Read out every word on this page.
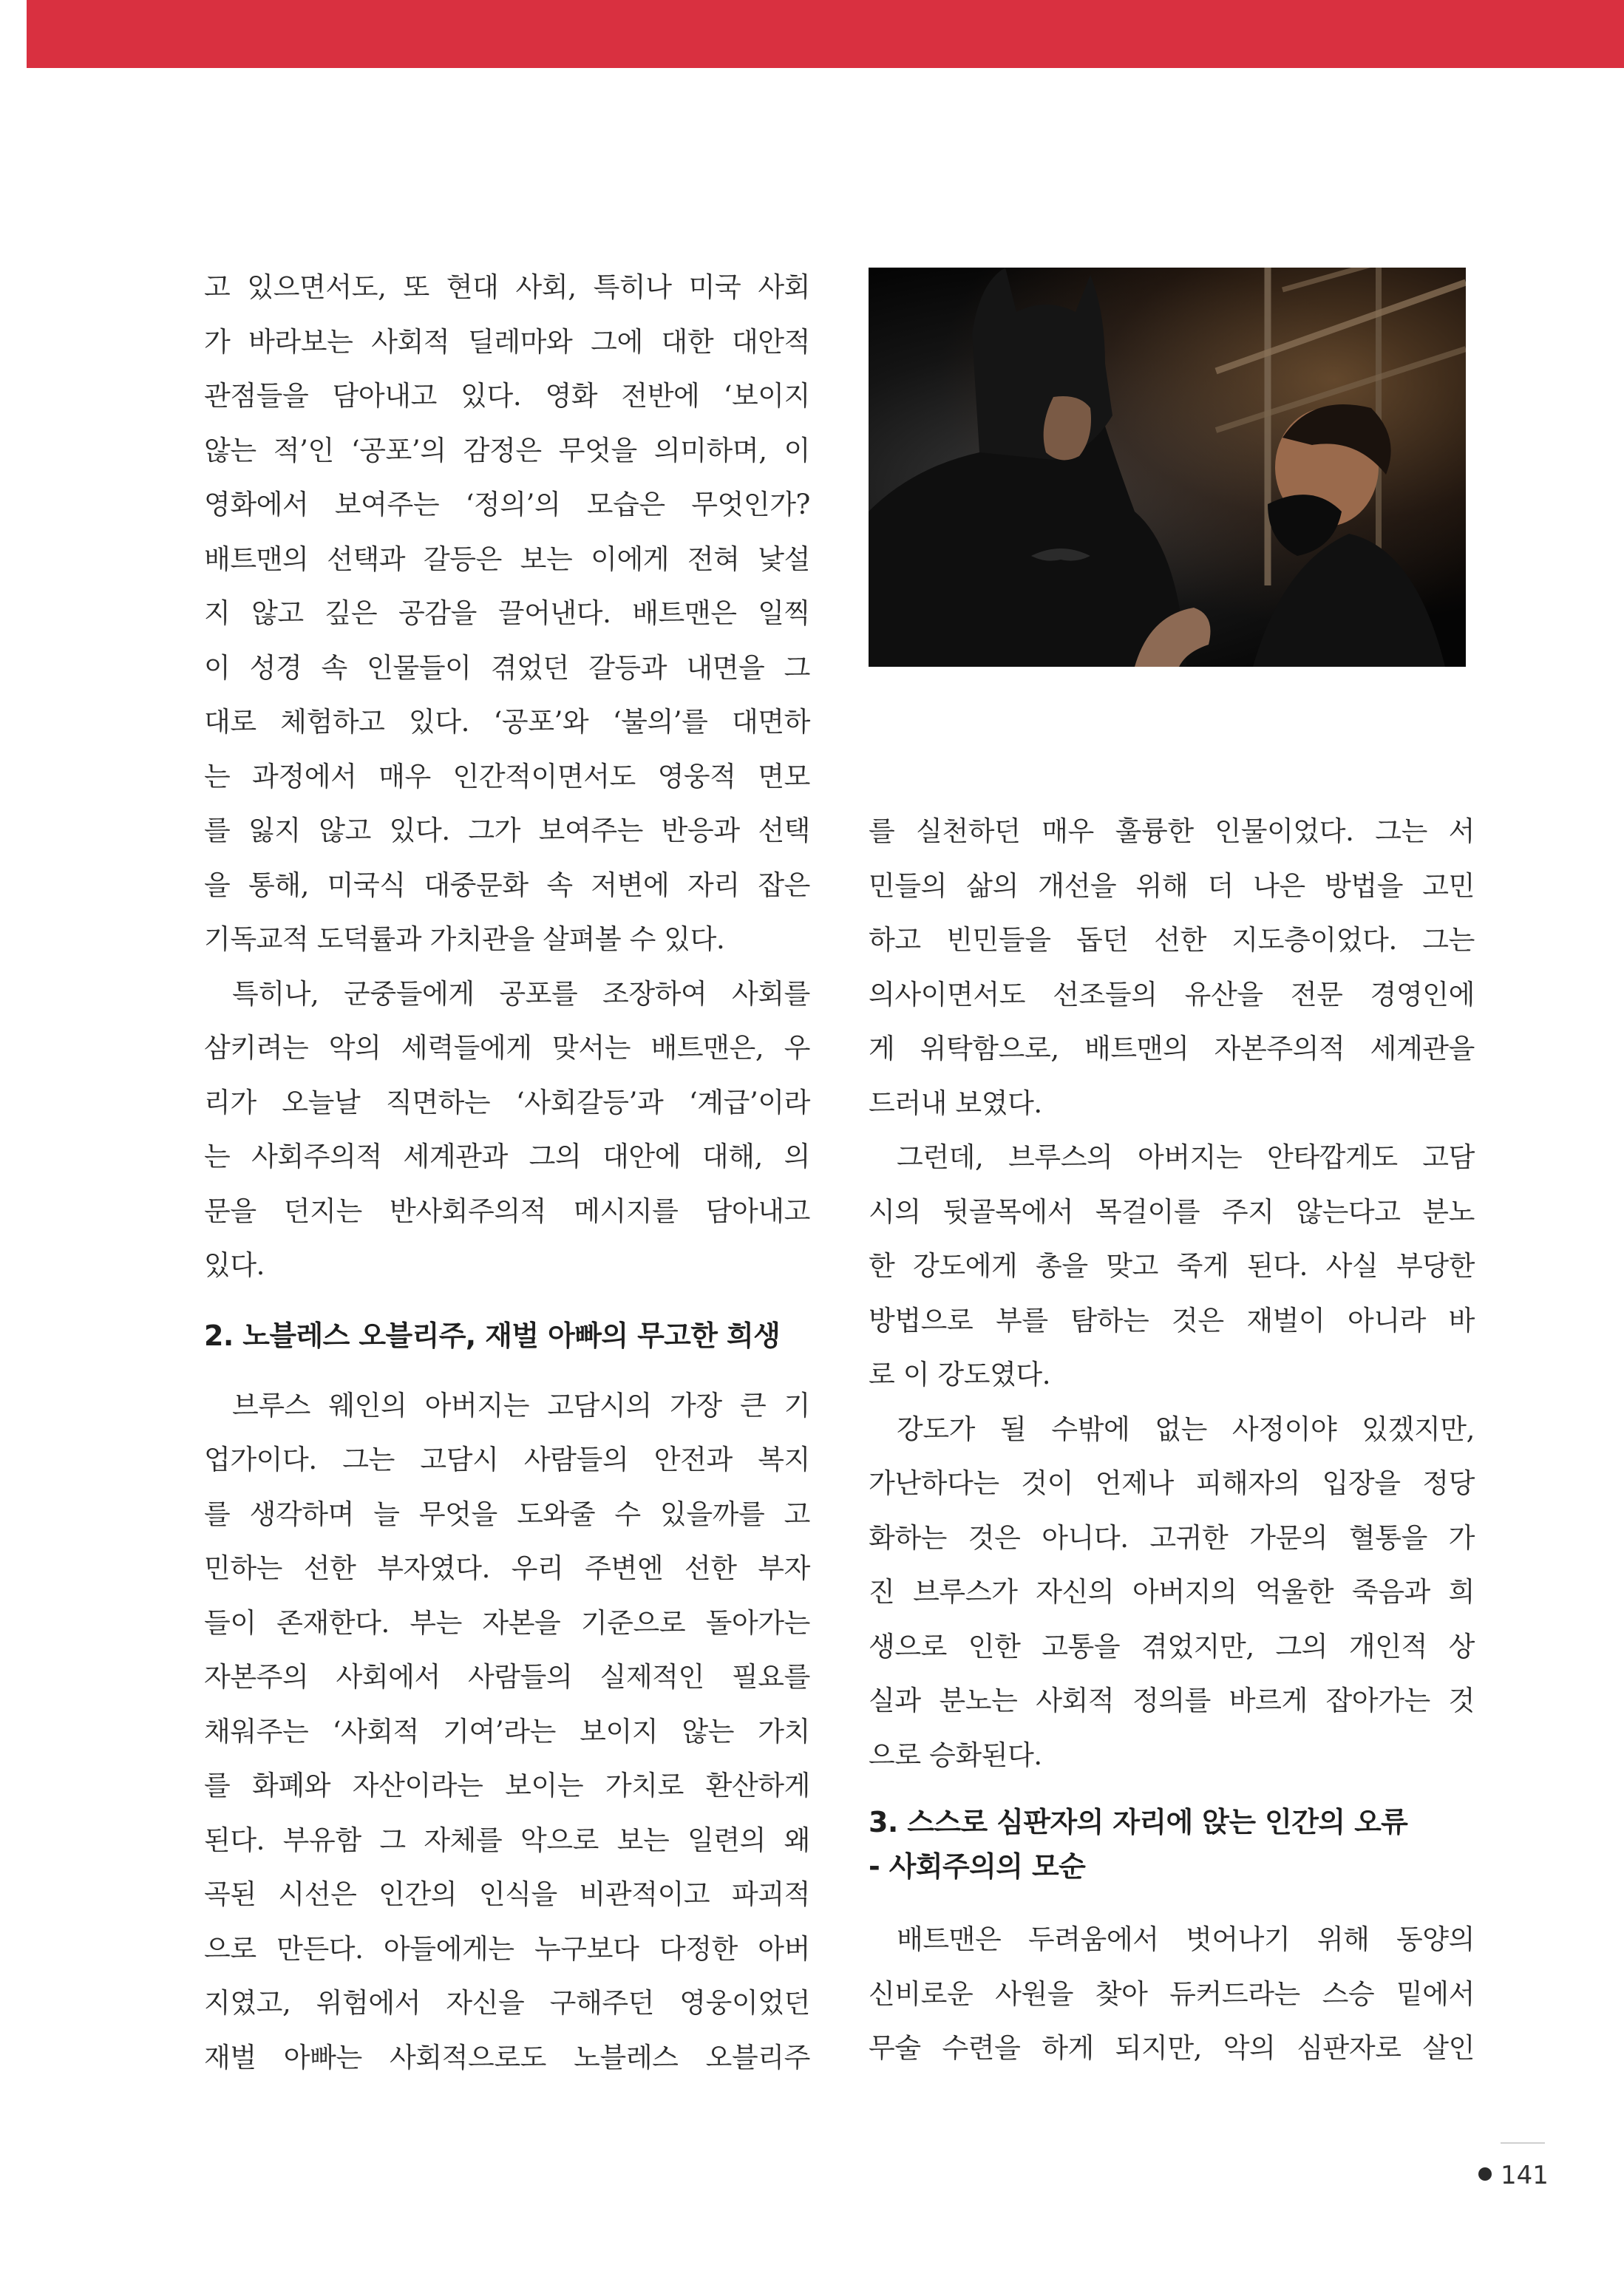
고 있으면서도, 또 현대 사회, 특히나 미국 사회

가 바라보는 사회적 딜레마와 그에 대한 대안적

관점들을 담아내고 있다. 영화 전반에 ‘보이지

않는 적’인 ‘공포’의 감정은 무엇을 의미하며, 이

영화에서 보여주는 ‘정의’의 모습은 무엇인가?

배트맨의 선택과 갈등은 보는 이에게 전혀 낯설

지 않고 깊은 공감을 끌어낸다. 배트맨은 일찍

이 성경 속 인물들이 겪었던 갈등과 내면을 그

대로 체험하고 있다. ‘공포’와 ‘불의’를 대면하

는 과정에서 매우 인간적이면서도 영웅적 면모

를 잃지 않고 있다. 그가 보여주는 반응과 선택

을 통해, 미국식 대중문화 속 저변에 자리 잡은

기독교적 도덕률과 가치관을 살펴볼 수 있다.

특히나, 군중들에게 공포를 조장하여 사회를

삼키려는 악의 세력들에게 맞서는 배트맨은, 우

리가 오늘날 직면하는 ‘사회갈등’과 ‘계급’이라

는 사회주의적 세계관과 그의 대안에 대해, 의

문을 던지는 반사회주의적 메시지를 담아내고

있다.

2. 노블레스 오블리주, 재벌 아빠의 무고한 희생

브루스 웨인의 아버지는 고담시의 가장 큰 기

업가이다. 그는 고담시 사람들의 안전과 복지

를 생각하며 늘 무엇을 도와줄 수 있을까를 고

민하는 선한 부자였다. 우리 주변엔 선한 부자

들이 존재한다. 부는 자본을 기준으로 돌아가는

자본주의 사회에서 사람들의 실제적인 필요를

채워주는 ‘사회적 기여’라는 보이지 않는 가치

를 화폐와 자산이라는 보이는 가치로 환산하게

된다. 부유함 그 자체를 악으로 보는 일련의 왜

곡된 시선은 인간의 인식을 비관적이고 파괴적

으로 만든다. 아들에게는 누구보다 다정한 아버

지였고, 위험에서 자신을 구해주던 영웅이었던

재벌 아빠는 사회적으로도 노블레스 오블리주

를 실천하던 매우 훌륭한 인물이었다. 그는 서

민들의 삶의 개선을 위해 더 나은 방법을 고민

하고 빈민들을 돕던 선한 지도층이었다. 그는

의사이면서도 선조들의 유산을 전문 경영인에

게 위탁함으로, 배트맨의 자본주의적 세계관을

드러내 보였다.

그런데, 브루스의 아버지는 안타깝게도 고담

시의 뒷골목에서 목걸이를 주지 않는다고 분노

한 강도에게 총을 맞고 죽게 된다. 사실 부당한

방법으로 부를 탐하는 것은 재벌이 아니라 바

로 이 강도였다.

강도가 될 수밖에 없는 사정이야 있겠지만,

가난하다는 것이 언제나 피해자의 입장을 정당

화하는 것은 아니다. 고귀한 가문의 혈통을 가

진 브루스가 자신의 아버지의 억울한 죽음과 희

생으로 인한 고통을 겪었지만, 그의 개인적 상

실과 분노는 사회적 정의를 바르게 잡아가는 것

으로 승화된다.

3. 스스로 심판자의 자리에 앉는 인간의 오류

- 사회주의의 모순

배트맨은 두려움에서 벗어나기 위해 동양의

신비로운 사원을 찾아 듀커드라는 스승 밑에서

무술 수련을 하게 되지만, 악의 심판자로 살인

141
